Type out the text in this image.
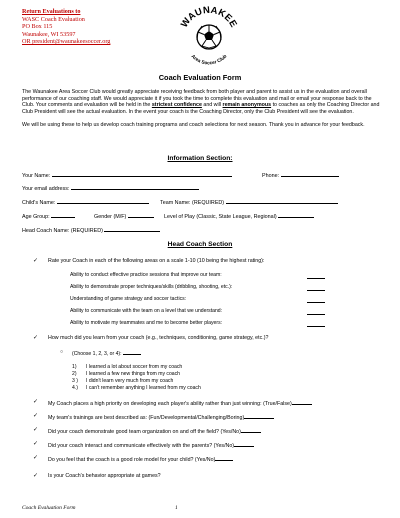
Return Evaluations to
WASC Coach Evaluation
PO Box 115
Waunakee, WI 53597
OR president@waunakeesoccer.org
WAUNAKEE
Area Soccer Club
Coach Evaluation Form
The Waunakee Area Soccer Club would greatly appreciate receiving feedback from both player and parent to assist us in the evaluation and overall performance of our coaching staff. We would appreciate it if you took the time to complete this evaluation and mail or email your response back to the Club. Your comments and evaluation will be held in the strictest confidence and will remain anonymous to coaches as only the Coaching Director and Club President will see the actual evaluation. In the event your coach is the Coaching Director, only the Club President will see the evaluation.
We will be using these to help us develop coach training programs and coach selections for next season. Thank you in advance for your feedback.
Information Section:
Your Name:	Phone:
Your email address:
Child's Name:	Team Name: (REQUIRED)
Age Group:	Gender (M/F)	Level of Play (Classic, State League, Regional)
Head Coach Name: (REQUIRED)
Head Coach Section
✓ Rate your Coach in each of the following areas on a scale 1-10 (10 being the highest rating):
Ability to conduct effective practice sessions that improve our team:
Ability to demonstrate proper techniques/skills (dribbling, shooting, etc.):
Understanding of game strategy and soccer tactics:
Ability to communicate with the team on a level that we understand:
Ability to motivate my teammates and me to become better players:
✓ How much did you learn from your coach (e.g., techniques, conditioning, game strategy, etc.)?
○ (Choose 1, 2, 3, or 4):
1) I learned a lot about soccer from my coach
2) I learned a few new things from my coach
3 ) I didn't learn very much from my coach
4.) I can't remember anything I learned from my coach
✓ My Coach places a high priority on developing each player's ability rather than just winning: (True/False)
✓ My team's trainings are best described as: (Fun/Developmental/Challenging/Boring)
✓ Did your coach demonstrate good team organization on and off the field? (Yes/No)
✓ Did your coach interact and communicate effectively with the parents? (Yes/No)
✓ Do you feel that the coach is a good role model for your child? (Yes/No)
✓ Is your Coach's behavior appropriate at games?
Coach Evaluation Form	1
